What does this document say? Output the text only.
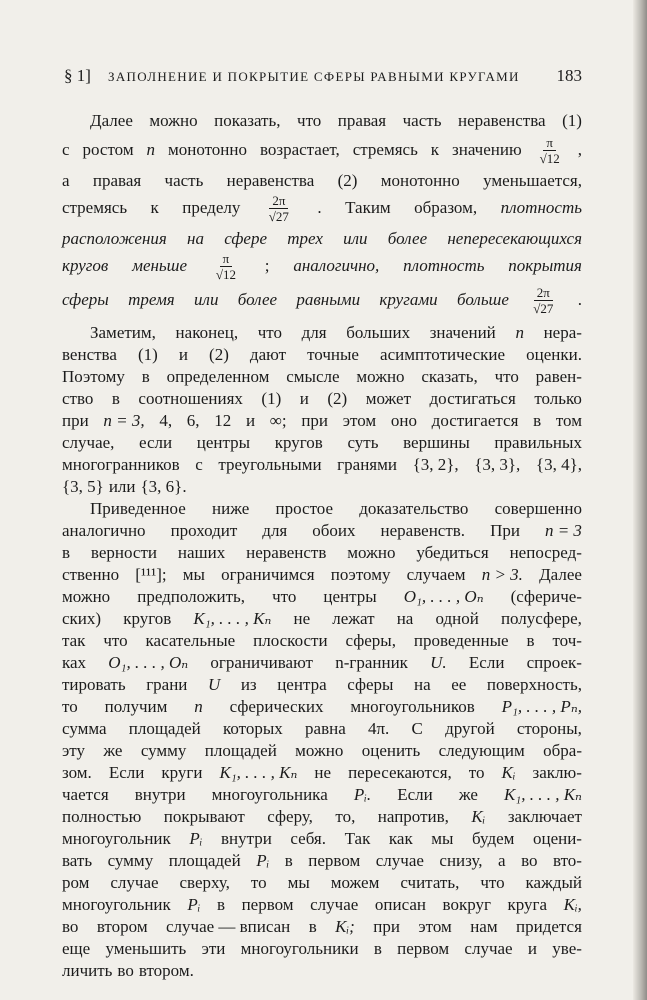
§ 1]	ЗАПОЛНЕНИЕ И ПОКРЫТИЕ СФЕРЫ РАВНЫМИ КРУГАМИ	183
Далее можно показать, что правая часть неравенства (1)
с ростом n монотонно возрастает, стремясь к значению $\frac{\pi}{√12}$ ,
а правая часть неравенства (2) монотонно уменьшается,
стремясь к пределу $\frac{2\pi}{√27}$ . Таким образом, плотность
расположения на сфере трех или более непересекающихся
кругов меньше $\frac{\pi}{√12}$ ; аналогично, плотность покрытия
сферы тремя или более равными кругами больше $\frac{2\pi}{√27}$ .
Заметим, наконец, что для больших значений n нера-
венства (1) и (2) дают точные асимптотические оценки.
Поэтому в определенном смысле можно сказать, что равен-
ство в соотношениях (1) и (2) может достигаться только
при n = 3, 4, 6, 12 и ∞; при этом оно достигается в том
случае, если центры кругов суть вершины правильных
многогранников с треугольными гранями {3, 2}, {3, 3}, {3, 4},
{3, 5} или {3, 6}.
Приведенное ниже простое доказательство совершенно
аналогично проходит для обоих неравенств. При n = 3
в верности наших неравенств можно убедиться непосред-
ственно [¹¹¹]; мы ограничимся поэтому случаем n > 3. Далее
можно предположить, что центры O₁, . . . , Oₙ (сфериче-
ских) кругов K₁, . . . , Kₙ не лежат на одной полусфере,
так что касательные плоскости сферы, проведенные в точ-
ках O₁, . . . , Oₙ ограничивают n-гранник U. Если спроек-
тировать грани U из центра сферы на ее поверхность,
то получим n сферических многоугольников P₁, . . . , Pₙ,
сумма площадей которых равна 4π. С другой стороны,
эту же сумму площадей можно оценить следующим обра-
зом. Если круги K₁, . . . , Kₙ не пересекаются, то Kᵢ заклю-
чается внутри многоугольника Pᵢ. Если же K₁, . . . , Kₙ
полностью покрывают сферу, то, напротив, Kᵢ заключает
многоугольник Pᵢ внутри себя. Так как мы будем оцени-
вать сумму площадей Pᵢ в первом случае снизу, а во вто-
ром случае сверху, то мы можем считать, что каждый
многоугольник Pᵢ в первом случае описан вокруг круга Kᵢ,
во втором случае — вписан в Kᵢ; при этом нам придется
еще уменьшить эти многоугольники в первом случае и уве-
личить во втором.
